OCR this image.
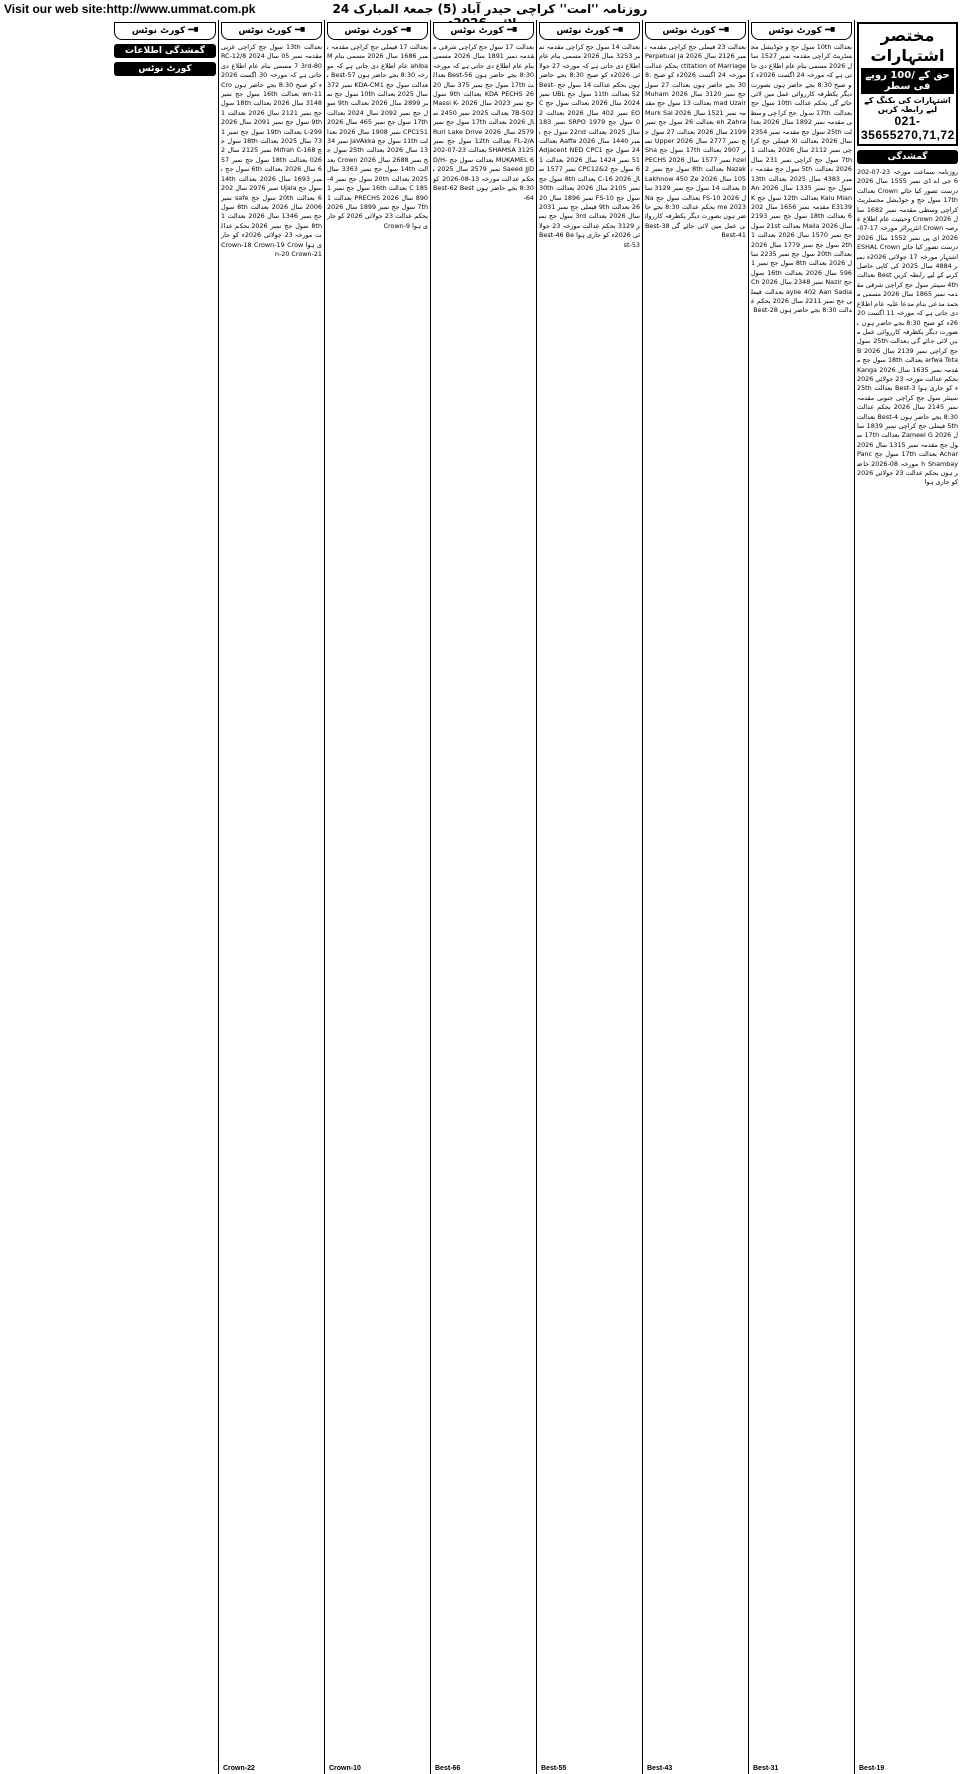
Visit our web site:http://www.ummat.com.pk	روزنامہ ''امت'' کراچی حیدر آباد (5) جمعۃ المبارک 24
مختصر اشتہارات
حق کے /100 روپے فی سطر
اشتہارات کی بکنگ کے لیے رابطہ کریں
021-35655270,71,72
گمشدگی
روزنامہ سماعت مورخہ 23-07-2026 جی اے ڈی نمبر 1555 سال 2026 درست تصور کیا جائے Crown بعدالت 17th سول جج و جوڈیشل مجسٹریٹ کراچی وسطی مقدمہ نمبر 1682 سال 2026 Crown وحیثیت عام اطلاع عرصہ Crown انٹرپرائز مورخہ 17-07-2026 ای پی نمبر 1552 سال 2026 درست تصور کیا جائے ESHAL Crown اشتہار مورخہ 17 جولائی 2026ء نمبر 4884 سال 2025 کی کاپی حاصل کرنے کے لیے رابطہ کریں Best بعدالت 4th سینئر سول جج کراچی شرقی مقدمہ نمبر 1865 سال 2026 مسمی محمد مدعی بنام مدعا علیہ عام اطلاع دی جاتی ہے کہ مورخہ 11 اگست 2026ء کو صبح 8:30 بجے حاضر ہوں بصورت دیگر یکطرفہ کارروائی عمل میں لائی جائے گی بعدالت 25th سول جج کراچی نمبر 2139 سال 2026 Barfwa Tota بعدالت 18th سول جج مقدمہ نمبر 1635 سال 2026 Kanga بحکم عدالت مورخہ 23 جولائی 2026ء کو جاری ہوا Best-3 بعدالت 25th سینئر سول جج کراچی جنوبی مقدمہ نمبر 2145 سال 2026 بحکم عدالت 8:30 بجے حاضر ہوں Best-4 بعدالت 5th فیملی جج کراچی نمبر 1839 سال 2026 Zameel G بعدالت 17th سول جج مقدمہ نمبر 1315 سال 2026 Achar بعدالت 17th سول جج Panch Shambay مورخہ 08-2026 حاضر ہوں بحکم عدالت 23 جولائی 2026 کو جاری ہوا
Best-19
کورٹ نوٹس
بعدالت 10th سول جج و جوڈیشل مجسٹریٹ کراچی مقدمہ نمبر 1527 سال 2026 مسمی بنام عام اطلاع دی جاتی ہے کہ مورخہ 24 اگست 2026ء کو صبح 8:30 بجے حاضر ہوں بصورت دیگر یکطرفہ کارروائی عمل میں لائی جائے گی بحکم عدالت 10th سول جج بعدالت 17th سول جج کراچی وسطی مقدمہ نمبر 1892 سال 2026 بعدالت 25th سول جج مقدمہ نمبر 2354 سال 2026 بعدالت XI فیملی جج کراچی نمبر 2112 سال 2026 بعدالت 17th سول جج کراچی نمبر 231 سال 2026 بعدالت 5th سول جج مقدمہ نمبر 4383 سال 2025 بعدالت 13th سول جج نمبر 1335 سال 2026 AnKalu Mian بعدالت 12th سول جج KE3139 مقدمہ نمبر 1656 سال 2026 بعدالت 18th سول جج نمبر 2193 سال 2026 Maila بعدالت 21st سول جج نمبر 1570 سال 2026 بعدالت 12th سول جج نمبر 1779 سال 2026 بعدالت 20th سول جج نمبر 2235 سال 2026 بعدالت 8th سول جج نمبر 1596 سال 2026 بعدالت 16th سول جج Nazir نمبر 2348 سال 2026 Chaylie 402 Aan Sadia بعدالت فیملی جج نمبر 2211 سال 2026 بحکم عدالت 8:30 بجے حاضر ہوں Best-28
Best-31
کورٹ نوٹس
بعدالت 23 فیملی جج کراچی مقدمہ نمبر 2126 سال 2026 Perpetual Jactitation of Marriage بحکم عدالت مورخہ 24 اگست 2026ء کو صبح 8:30 بجے حاضر ہوں بعدالت 27 سول جج نمبر 3120 سال 2026 Muhammad Uzair بعدالت 13 سول جج مقدمہ نمبر 1521 سال 2026 Murk Saleh Zahra بعدالت 26 سول جج نمبر 2199 سال 2026 بعدالت 27 سول جج نمبر 2777 سال 2026 Upper نمبر 2907 بعدالت 17th سول جج Shahzel نمبر 1577 سال 2026 PECHS Nazak بعدالت 8th سول جج نمبر 2105 سال 2026 Lakhnow 450 Zeb بعدالت 14 سول جج نمبر 3129 سال 2026 FS-10 بعدالت سول جج Name 2023 بحکم عدالت 8:30 بجے حاضر ہوں بصورت دیگر یکطرفہ کارروائی عمل میں لائی جائے گی Best-38 Best-41
Best-43
کورٹ نوٹس
بعدالت 14 سول جج کراچی مقدمہ نمبر 3253 سال 2026 مسمی بنام عام اطلاع دی جاتی ہے کہ مورخہ 27 جولائی 2026ء کو صبح 8:30 بجے حاضر ہوں بحکم عدالت 14 سول جج Best-52 بعدالت 11th سول جج UBL نمبر 2024 سال 2026 بعدالت سول جج CEO نمبر 402 سال 2026 بعدالت 20 سول جج SRPO 1979 نمبر 183 سال 2025 بعدالت 22nd سول جج نمبر 1440 سال 2026 Aaffa بعدالت 24 سول جج Adjacent NED CPC151 نمبر 1424 سال 2026 بعدالت 16 سول جج CPC12&2 نمبر 1577 سال 2026 C-16 بعدالت 8th سول جج نمبر 2105 سال 2026 بعدالت 30th سول جج FS-10 نمبر 1896 سال 2026 بعدالت 9th فیملی جج نمبر 2031 سال 2026 بعدالت 3rd سول جج نمبر 3129 بحکم عدالت مورخہ 23 جولائی 2026ء کو جاری ہوا Best-46 Best-53
Best-55
کورٹ نوٹس
بعدالت 17 سول جج کراچی شرقی مقدمہ نمبر 1891 سال 2026 مسمی بنام عام اطلاع دی جاتی ہے کہ مورخہ 8:30 بجے حاضر ہوں Best-56 بعدالت 17th سول جج نمبر 375 سال 2026 KDA PECHS بعدالت 9th سول جج نمبر 2023 سال 2026 Massi K-7B-502 بعدالت 2025 نمبر 2450 سال 2026 بعدالت 17th سول جج نمبر 2579 سال 2026 Ruri Lake Drive FL-2/A بعدالت 12th سول جج نمبر 3125 SHAMSA بعدالت 23-07-2026 MUKAMEL بعدالت سول جج D/H-Saeed JJD نمبر 2579 سال 2025 بحکم عدالت مورخہ 13-08-2026 کو 8:30 بجے حاضر ہوں Best-62 Best-64
Best-66
کورٹ نوٹس
بعدالت 17 فیملی جج کراچی مقدمہ نمبر 1686 سال 2026 مسمی بنام Mahiba عام اطلاع دی جاتی ہے کہ مورخہ 8:30 بجے حاضر ہوں Best-57 بعدالت سول جج KDA-CM1 نمبر 372 سال 2025 بعدالت 10th سول جج نمبر 2899 سال 2026 بعدالت 9th سول جج نمبر 2092 سال 2024 بعدالت 17th سول جج نمبر 465 سال 2026 CPC151 نمبر 1908 سال 2026 بعدالت 11th سول جج JaVAkka نمبر 3413 سال 2026 بعدالت 25th سول جج نمبر 2688 سال 2026 Crown بعدالت 14th سول جج نمبر 3363 سال 2025 بعدالت 20th سول جج نمبر 4-C 185 بعدالت 16th سول جج نمبر 1890 سال 2026 PRECHS بعدالت 17th سول جج نمبر 1899 سال 2026 بحکم عدالت 23 جولائی 2026 کو جاری ہوا Crown-9
Crown-10
کورٹ نوٹس
بعدالت 13th سول جج کراچی غربی مقدمہ نمبر 05 سال 2024 RC-12/87 3rd-80 مسمی بنام عام اطلاع دی جاتی ہے کہ مورخہ 30 اگست 2026ء کو صبح 8:30 بجے حاضر ہوں Crown-11 بعدالت 16th سول جج نمبر 3148 سال 2026 بعدالت 18th سول جج نمبر 2121 سال 2026 بعدالت 19th سول جج نمبر 2091 سال 2026 L-299 بعدالت 19th سول جج نمبر 173 سال 2025 بعدالت 18th سول جج Mifrah C-168 نمبر 2125 سال 2026 بعدالت 18th سول جج نمبر 576 سال 2026 بعدالت 6th سول جج نمبر 1693 سال 2026 بعدالت 14th سول جج Ujala نمبر 2976 سال 2026 بعدالت 20th سول جج safe نمبر 2006 سال 2026 بعدالت 8th سول جج نمبر 1346 سال 2026 بعدالت 18th سول جج نمبر 2026 بحکم عدالت مورخہ 23 جولائی 2026ء کو جاری ہوا Crown-18 Crown-19 Crown-20 Crown-21
Crown-22
کورٹ نوٹس
گمشدگی اطلاعات
کورٹ نوٹس
